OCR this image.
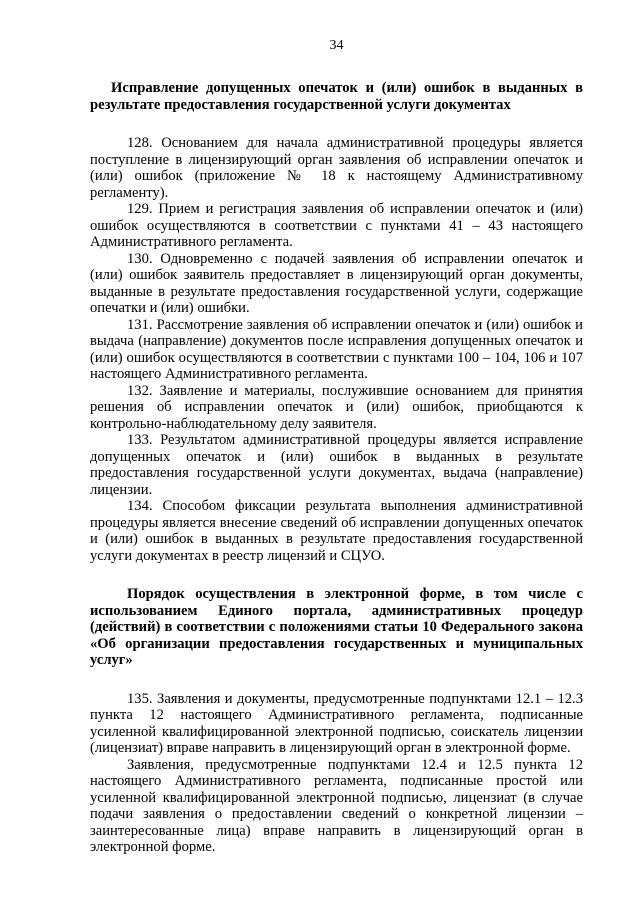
34
Исправление допущенных опечаток и (или) ошибок в выданных в результате предоставления государственной услуги документах

128. Основанием для начала административной процедуры является поступление в лицензирующий орган заявления об исправлении опечаток и (или) ошибок (приложение № 18 к настоящему Административному регламенту).

129. Прием и регистрация заявления об исправлении опечаток и (или) ошибок осуществляются в соответствии с пунктами 41 – 43 настоящего Административного регламента.

130. Одновременно с подачей заявления об исправлении опечаток и (или) ошибок заявитель предоставляет в лицензирующий орган документы, выданные в результате предоставления государственной услуги, содержащие опечатки и (или) ошибки.

131. Рассмотрение заявления об исправлении опечаток и (или) ошибок и выдача (направление) документов после исправления допущенных опечаток и (или) ошибок осуществляются в соответствии с пунктами 100 – 104, 106 и 107 настоящего Административного регламента.

132. Заявление и материалы, послужившие основанием для принятия решения об исправлении опечаток и (или) ошибок, приобщаются к контрольно-наблюдательному делу заявителя.

133. Результатом административной процедуры является исправление допущенных опечаток и (или) ошибок в выданных в результате предоставления государственной услуги документах, выдача (направление) лицензии.

134. Способом фиксации результата выполнения административной процедуры является внесение сведений об исправлении допущенных опечаток и (или) ошибок в выданных в результате предоставления государственной услуги документах в реестр лицензий и СЦУО.

Порядок осуществления в электронной форме, в том числе с использованием Единого портала, административных процедур (действий) в соответствии с положениями статьи 10 Федерального закона «Об организации предоставления государственных и муниципальных услуг»

135. Заявления и документы, предусмотренные подпунктами 12.1 – 12.3 пункта 12 настоящего Административного регламента, подписанные усиленной квалифицированной электронной подписью, соискатель лицензии (лицензиат) вправе направить в лицензирующий орган в электронной форме.

Заявления, предусмотренные подпунктами 12.4 и 12.5 пункта 12 настоящего Административного регламента, подписанные простой или усиленной квалифицированной электронной подписью, лицензиат (в случае подачи заявления о предоставлении сведений о конкретной лицензии – заинтересованные лица) вправе направить в лицензирующий орган в электронной форме.
